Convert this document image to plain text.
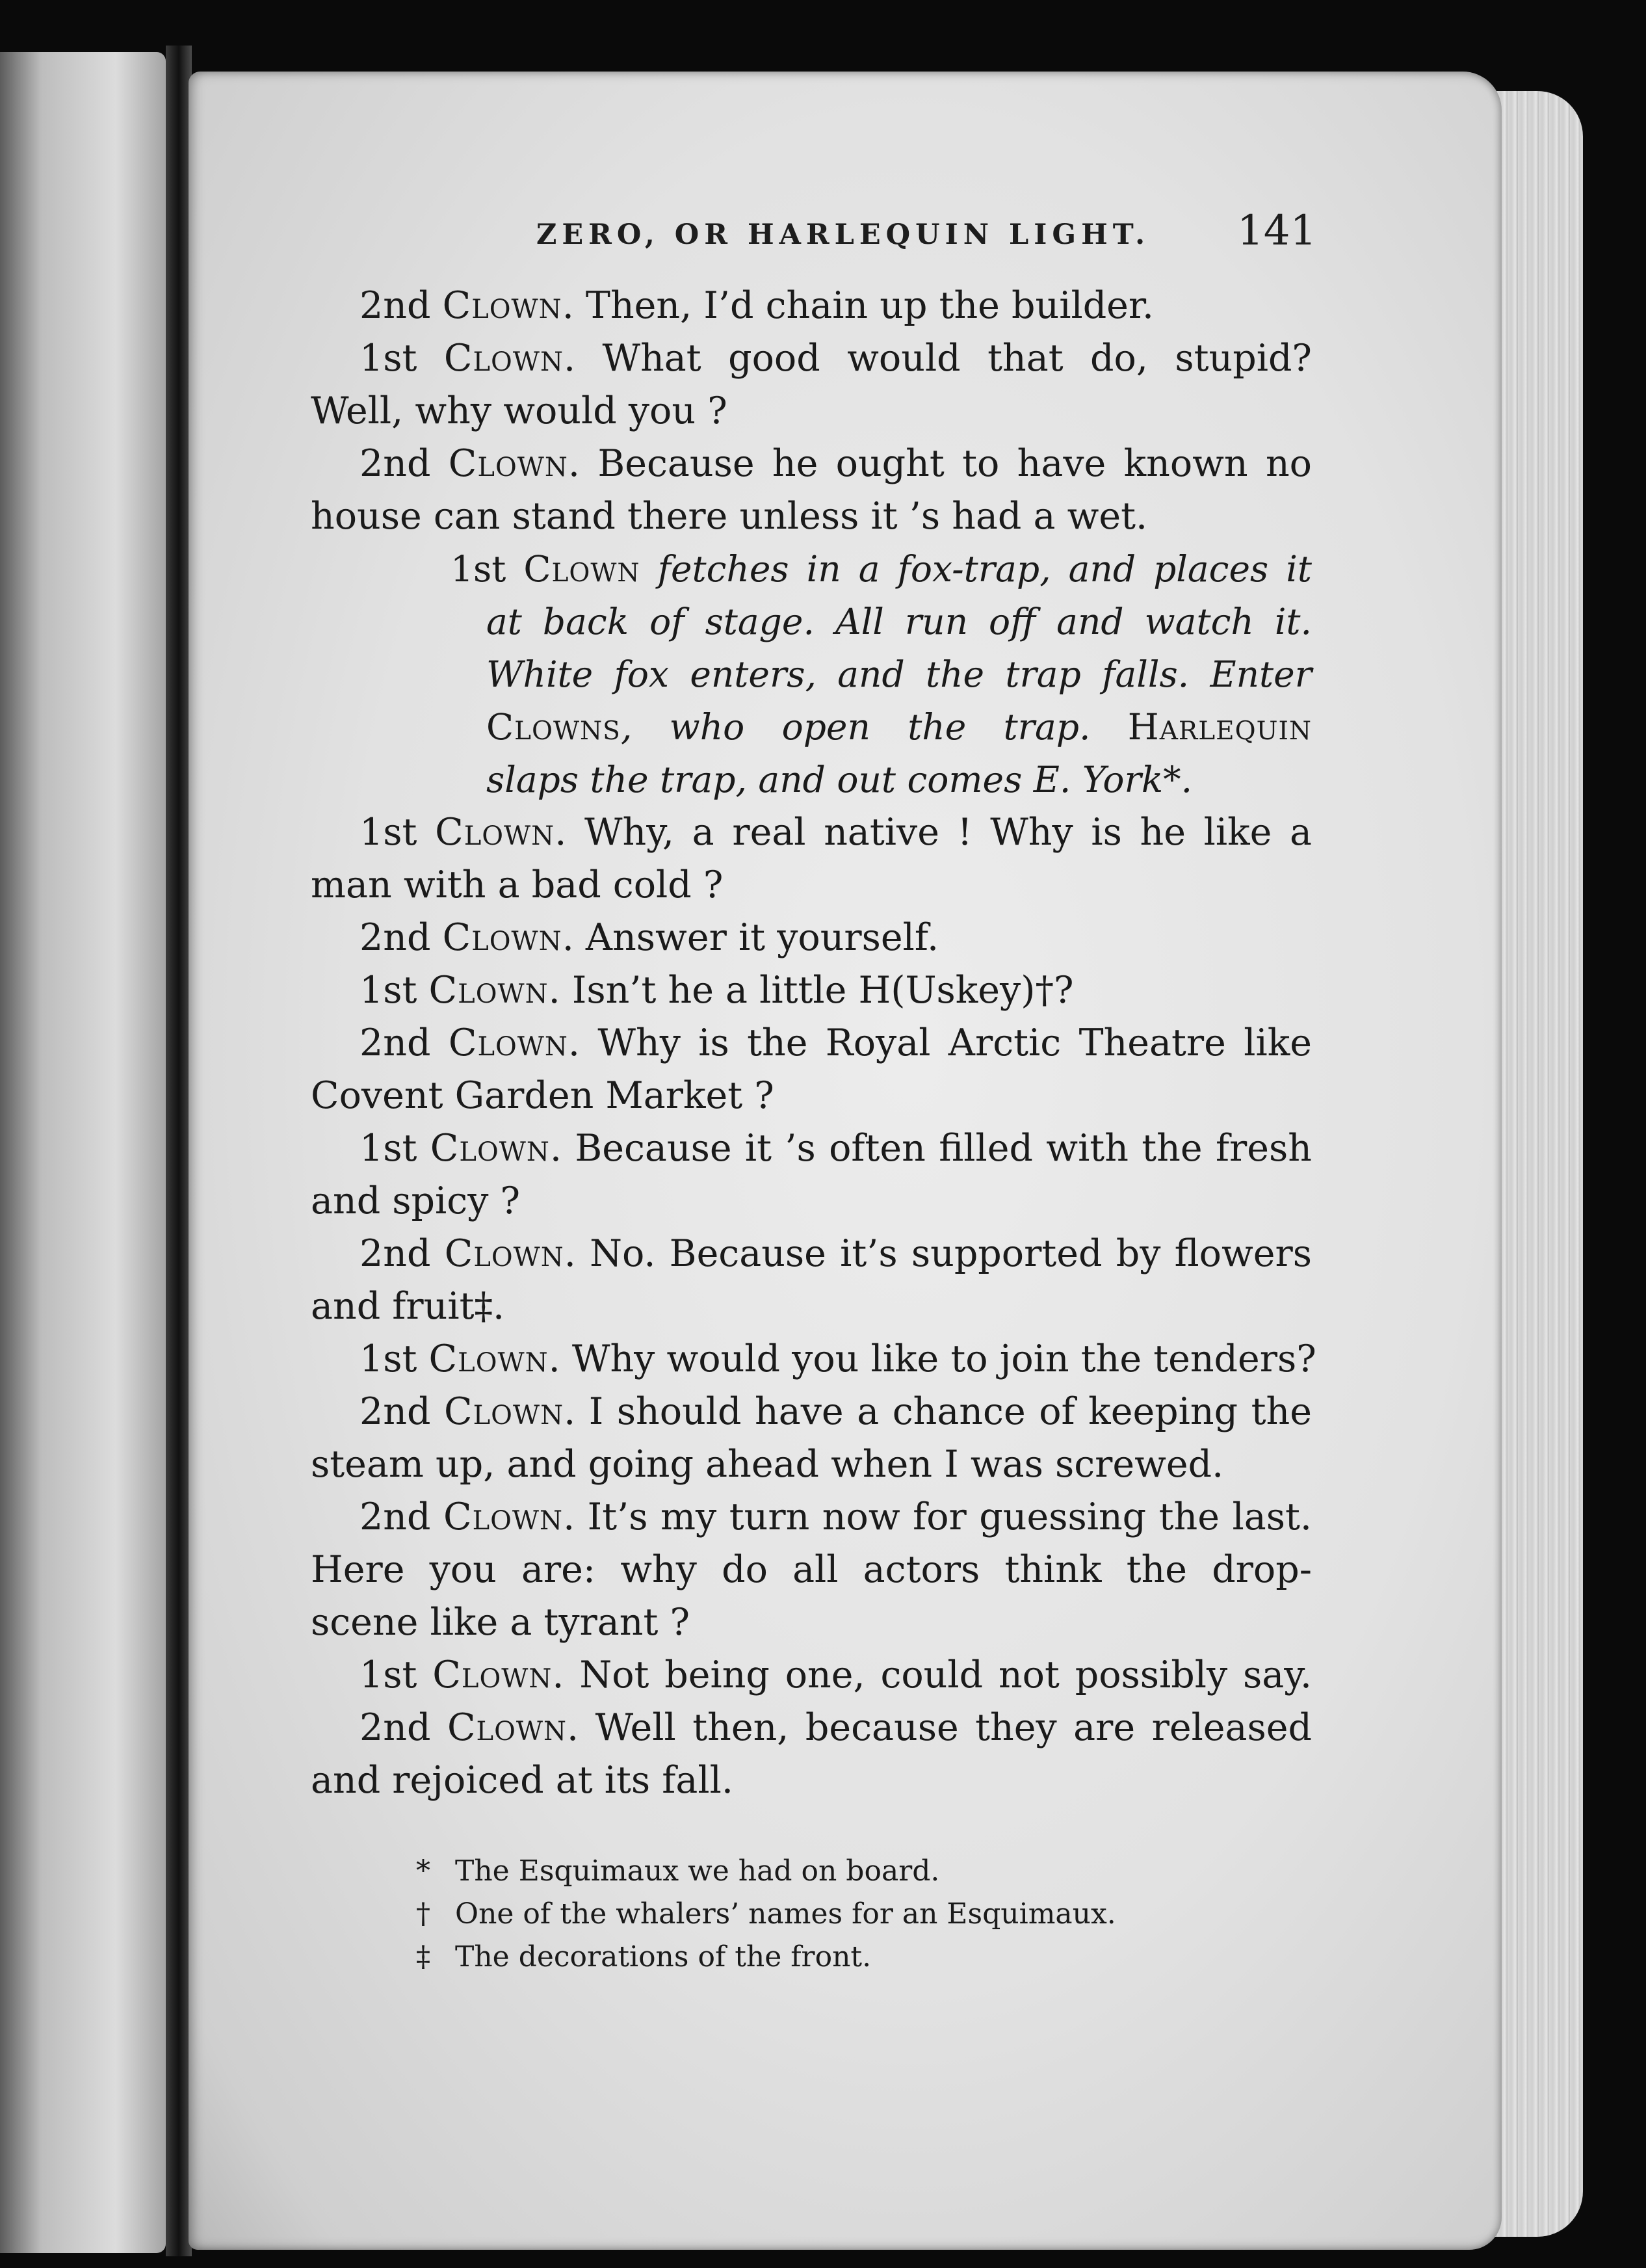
ZERO, OR HARLEQUIN LIGHT. 141
2nd Clown. Then, I’d chain up the builder.
1st Clown. What good would that do, stupid?
Well, why would you ?
2nd Clown. Because he ought to have known no
house can stand there unless it ’s had a wet.
1st Clown fetches in a fox-trap, and places it
at back of stage. All run off and watch it.
White fox enters, and the trap falls. Enter
Clowns, who open the trap. Harlequin
slaps the trap, and out comes E. York*.
1st Clown. Why, a real native ! Why is he like a
man with a bad cold ?
2nd Clown. Answer it yourself.
1st Clown. Isn’t he a little H(Uskey)†?
2nd Clown. Why is the Royal Arctic Theatre like
Covent Garden Market ?
1st Clown. Because it ’s often filled with the fresh
and spicy ?
2nd Clown. No. Because it’s supported by flowers
and fruit‡.
1st Clown. Why would you like to join the tenders?
2nd Clown. I should have a chance of keeping the
steam up, and going ahead when I was screwed.
2nd Clown. It’s my turn now for guessing the last.
Here you are: why do all actors think the drop-
scene like a tyrant ?
1st Clown. Not being one, could not possibly say.
2nd Clown. Well then, because they are released
and rejoiced at its fall.
* The Esquimaux we had on board.
† One of the whalers’ names for an Esquimaux.
‡ The decorations of the front.
